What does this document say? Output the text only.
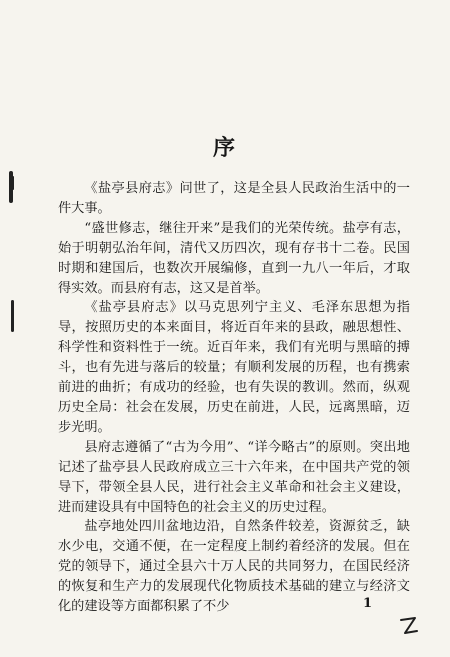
序

《盐亭县府志》问世了，这是全县人民政治生活中的一件大事。

“盛世修志，继往开来”是我们的光荣传统。盐亭有志，始于明朝弘治年间，清代又历四次，现有存书十二卷。民国时期和建国后，也数次开展编修，直到一九八一年后，才取得实效。而县府有志，这又是首举。

《盐亭县府志》以马克思列宁主义、毛泽东思想为指导，按照历史的本来面目，将近百年来的县政，融思想性、科学性和资料性于一统。近百年来，我们有光明与黑暗的搏斗，也有先进与落后的较量；有顺利发展的历程，也有携索前进的曲折；有成功的经验，也有失误的教训。然而，纵观历史全局：社会在发展，历史在前进，人民，远离黑暗，迈步光明。

县府志遵循了“古为今用”、“详今略古”的原则。突出地记述了盐亭县人民政府成立三十六年来，在中国共产党的领导下，带领全县人民，进行社会主义革命和社会主义建设，进而建设具有中国特色的社会主义的历史过程。

盐亭地处四川盆地边沿，自然条件较差，资源贫乏，缺水少电，交通不便，在一定程度上制约着经济的发展。但在党的领导下，通过全县六十万人民的共同努力，在国民经济的恢复和生产力的发展现代化物质技术基础的建立与经济文化的建设等方面都积累了不少	1
